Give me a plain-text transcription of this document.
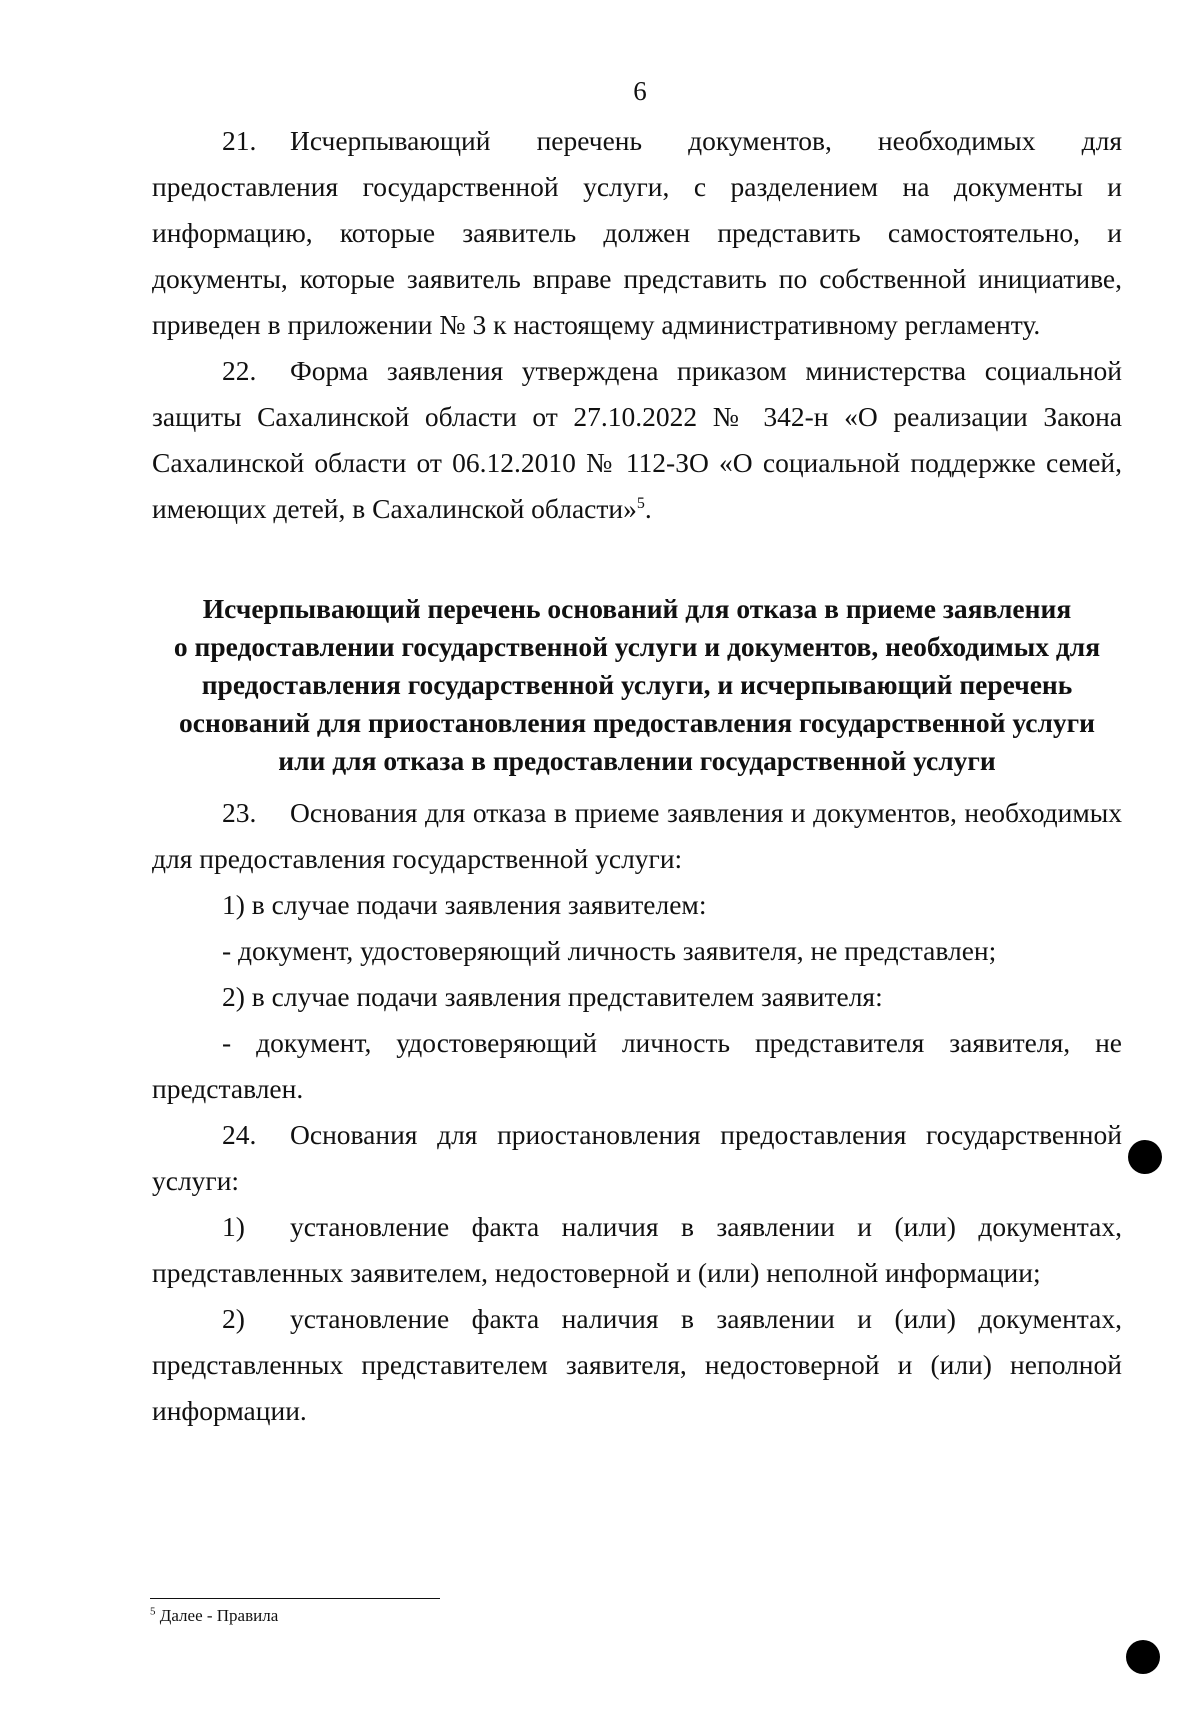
6

21. Исчерпывающий перечень документов, необходимых для предоставления государственной услуги, с разделением на документы и информацию, которые заявитель должен представить самостоятельно, и документы, которые заявитель вправе представить по собственной инициативе, приведен в приложении № 3 к настоящему административному регламенту.

22. Форма заявления утверждена приказом министерства социальной защиты Сахалинской области от 27.10.2022 № 342-н «О реализации Закона Сахалинской области от 06.12.2010 № 112-ЗО «О социальной поддержке семей, имеющих детей, в Сахалинской области»$^5$.

Исчерпывающий перечень оснований для отказа в приеме заявления
о предоставлении государственной услуги и документов, необходимых для
предоставления государственной услуги, и исчерпывающий перечень
оснований для приостановления предоставления государственной услуги
или для отказа в предоставлении государственной услуги

23. Основания для отказа в приеме заявления и документов, необходимых для предоставления государственной услуги:

1) в случае подачи заявления заявителем:

- документ, удостоверяющий личность заявителя, не представлен;

2) в случае подачи заявления представителем заявителя:

- документ, удостоверяющий личность представителя заявителя, не представлен.

24. Основания для приостановления предоставления государственной услуги:

1) установление факта наличия в заявлении и (или) документах, представленных заявителем, недостоверной и (или) неполной информации;

2) установление факта наличия в заявлении и (или) документах, представленных представителем заявителя, недостоверной и (или) неполной информации.

$^5$ Далее - Правила
